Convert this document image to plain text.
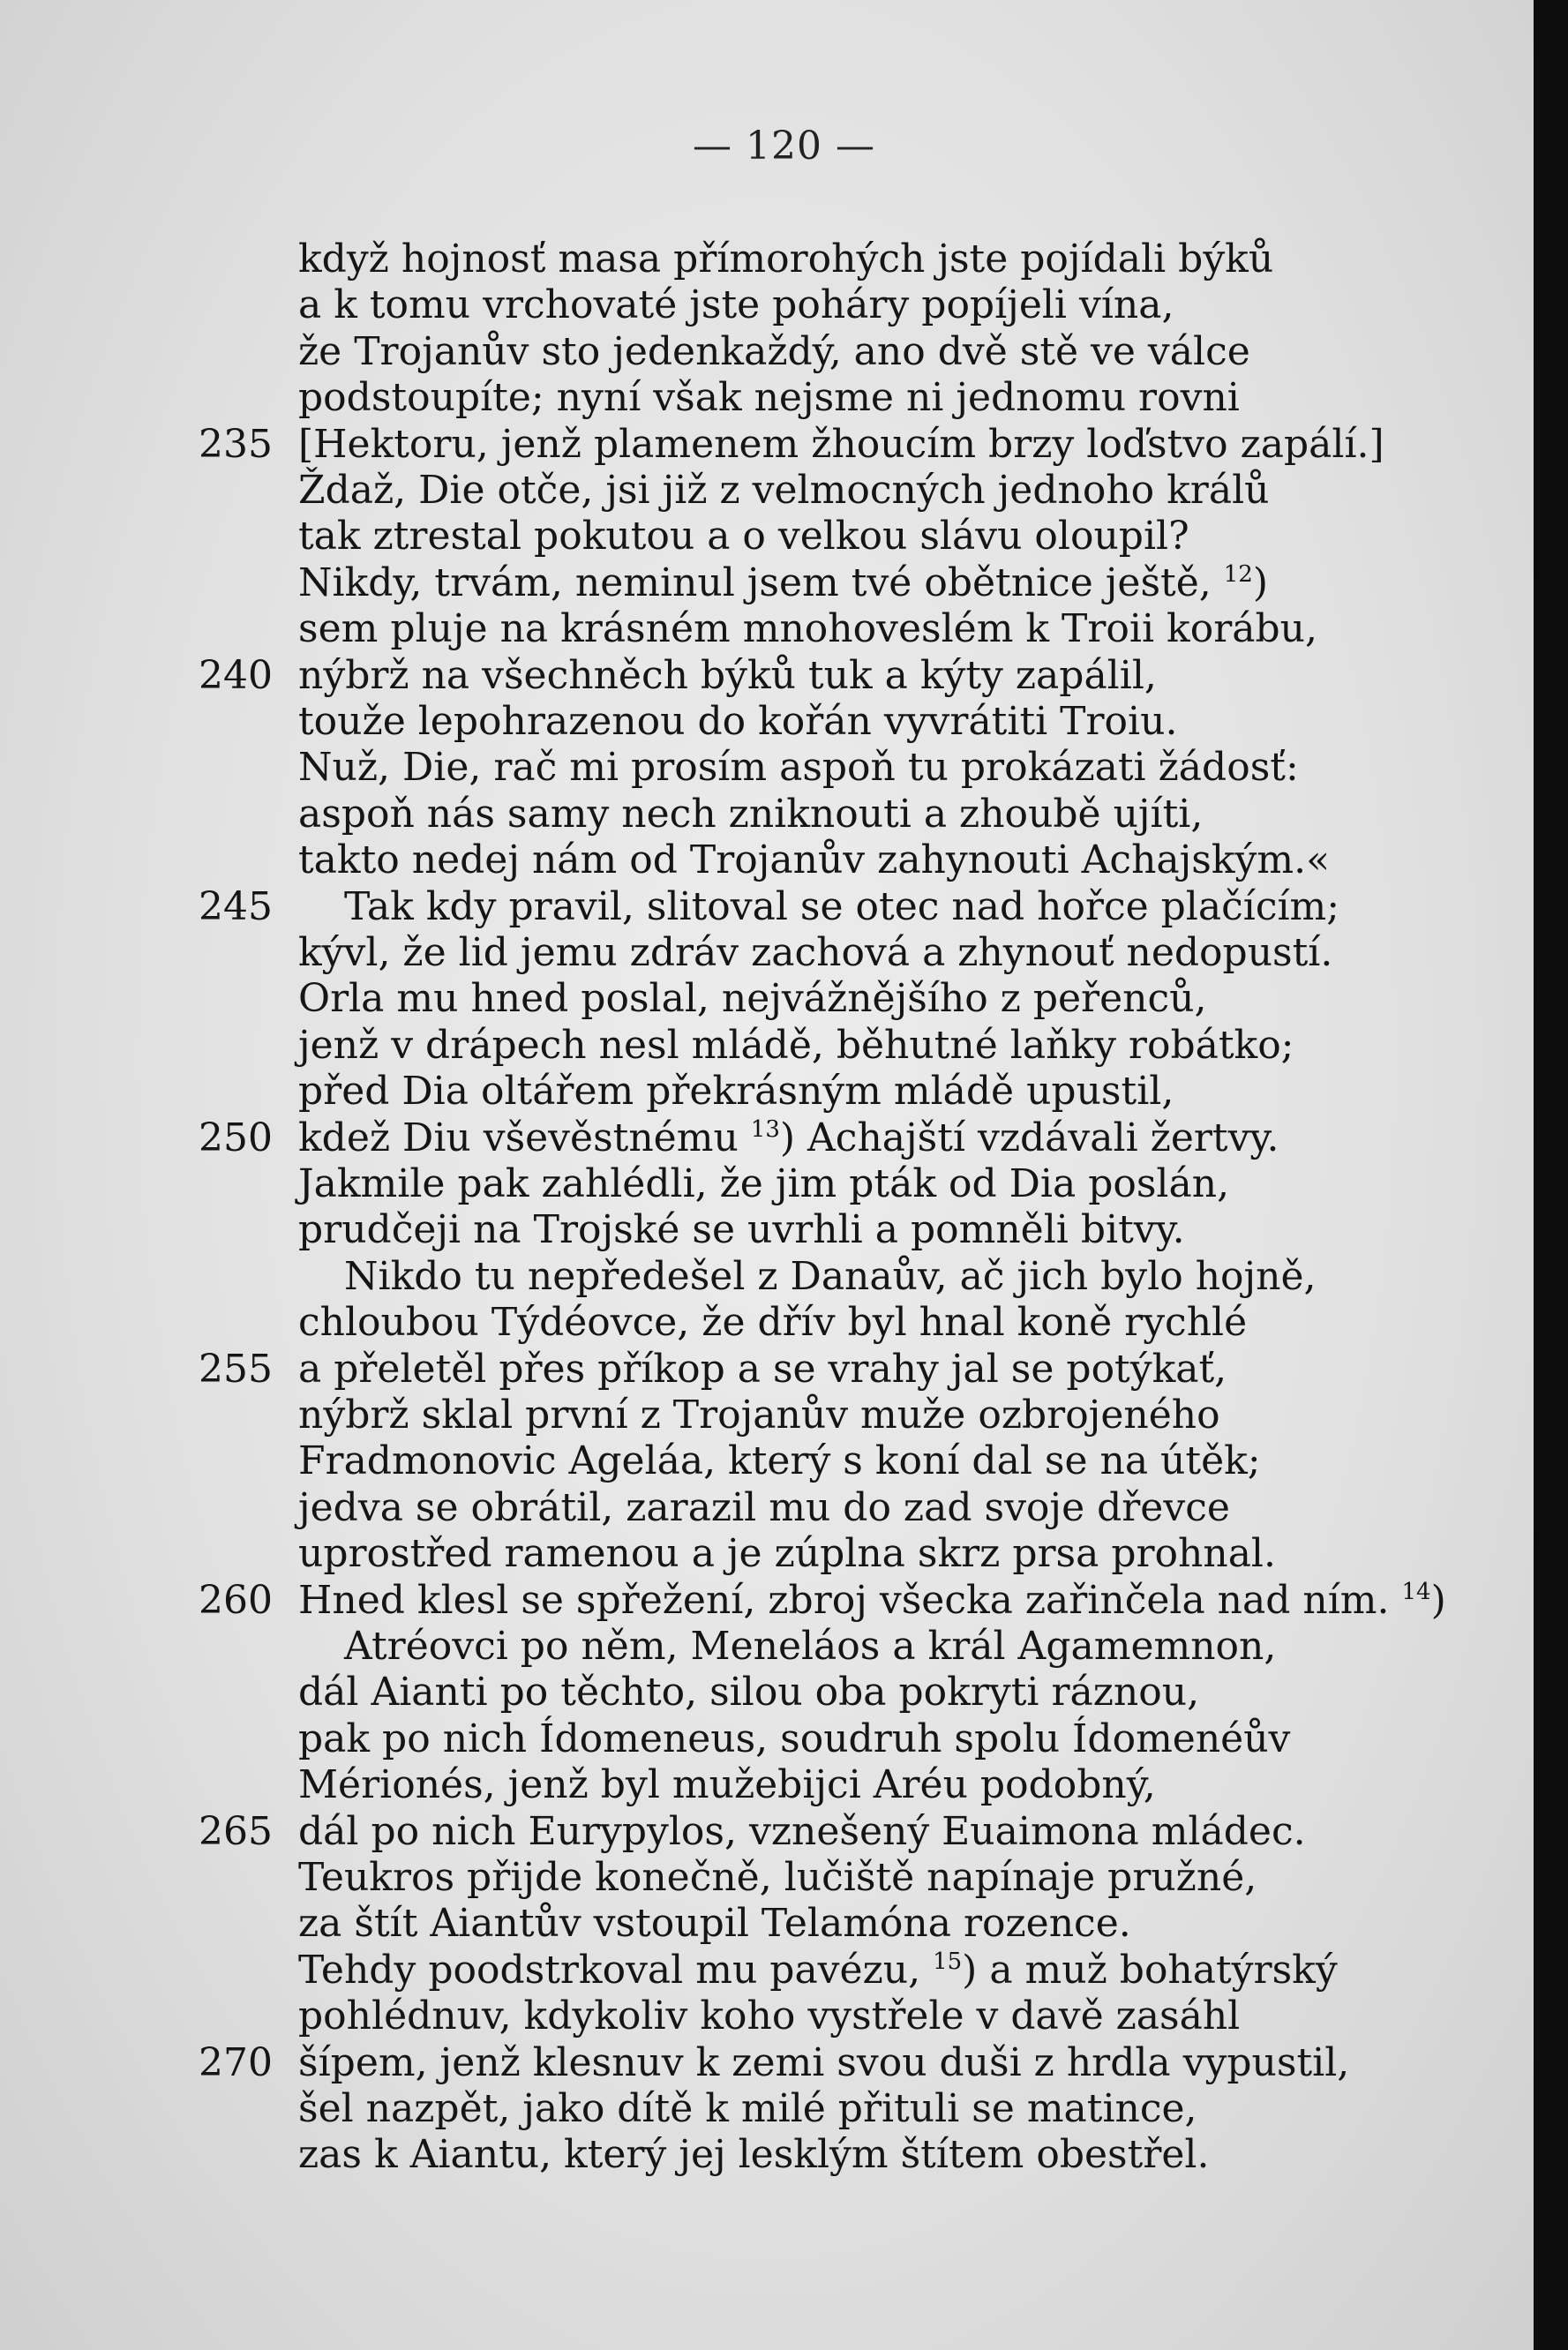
— 120 —
když hojnosť masa přímorohých jste pojídali býků
a k tomu vrchovaté jste poháry popíjeli vína,
že Trojanův sto jedenkaždý, ano dvě stě ve válce
podstoupíte; nyní však nejsme ni jednomu rovni
235 [Hektoru, jenž plamenem žhoucím brzy loďstvo zapálí.]
Ždaž, Die otče, jsi již z velmocných jednoho králů
tak ztrestal pokutou a o velkou slávu oloupil?
Nikdy, trvám, neminul jsem tvé obětnice ještě, $^{12}$)
sem pluje na krásném mnohoveslém k Troii korábu,
240 nýbrž na všechněch býků tuk a kýty zapálil,
touže lepohrazenou do kořán vyvrátiti Troiu.
Nuž, Die, rač mi prosím aspoň tu prokázati žádosť:
aspoň nás samy nech zniknouti a zhoubě ujíti,
takto nedej nám od Trojanův zahynouti Achajským.«
245	Tak kdy pravil, slitoval se otec nad hořce plačícím;
kývl, že lid jemu zdráv zachová a zhynouť nedopustí.
Orla mu hned poslal, nejvážnějšího z peřenců,
jenž v drápech nesl mládě, běhutné laňky robátko;
před Dia oltářem překrásným mládě upustil,
250 kdež Diu vševěstnému $^{13}$) Achajští vzdávali žertvy.
Jakmile pak zahlédli, že jim pták od Dia poslán,
prudčeji na Trojské se uvrhli a pomněli bitvy.
Nikdo tu nepředešel z Danaův, ač jich bylo hojně,
chloubou Týdéovce, že dřív byl hnal koně rychlé
255 a přeletěl přes příkop a se vrahy jal se potýkať,
nýbrž sklal první z Trojanův muže ozbrojeného
Fradmonovic Ageláa, který s koní dal se na útěk;
jedva se obrátil, zarazil mu do zad svoje dřevce
uprostřed ramenou a je zúplna skrz prsa prohnal.
260 Hned klesl se spřežení, zbroj všecka zařinčela nad ním. $^{14}$)
Atréovci po něm, Meneláos a král Agamemnon,
dál Aianti po těchto, silou oba pokryti ráznou,
pak po nich Ídomeneus, soudruh spolu Ídomenéův
Mérionés, jenž byl mužebijci Aréu podobný,
265 dál po nich Eurypylos, vznešený Euaimona mládec.
Teukros přijde konečně, lučiště napínaje pružné,
za štít Aiantův vstoupil Telamóna rozence.
Tehdy poodstrkoval mu pavézu, $^{15}$) a muž bohatýrský
pohlédnuv, kdykoliv koho vystřele v davě zasáhl
270 šípem, jenž klesnuv k zemi svou duši z hrdla vypustil,
šel nazpět, jako dítě k milé přituli se matince,
zas k Aiantu, který jej lesklým štítem obestřel.
